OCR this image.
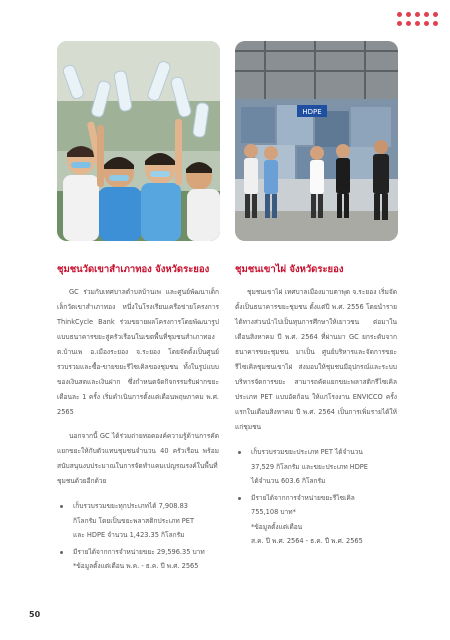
HDPE
ชุมชนวัดเขาสำเภาทอง จังหวัดระยอง

GC ร่วมกับเทศบาลตำบลบ้านเพ และศูนย์พัฒนาเด็กเล็กวัดเขาสำเภาทอง หนึ่งในโรงเรียนเครือข่ายโครงการ ThinkCycle Bank ร่วมขยายผลโครงการโดยพัฒนารูปแบบธนาคารขยะสู่ครัวเรือนในเขตพื้นที่ชุมชนสำเภาทอง ต.บ้านเพ อ.เมืองระยอง จ.ระยอง โดยจัดตั้งเป็นศูนย์รวบรวมและซื้อ-ขายขยะรีไซเคิลของชุมชน ทั้งในรูปแบบของเงินสดและเงินฝาก ซึ่งกำหนดจัดกิจกรรมรับฝากขยะเดือนละ 1 ครั้ง เริ่มดำเนินการตั้งแต่เดือนพฤษภาคม พ.ศ. 2565

นอกจากนี้ GC ได้ร่วมถ่ายทอดองค์ความรู้ด้านการคัดแยกขยะให้กับตัวแทนชุมชนจำนวน 40 ครัวเรือน พร้อมสนับสนุนงบประมาณในการจัดทำแคมเปญรณรงค์ในพื้นที่ชุมชนด้วยอีกด้วย

เก็บรวบรวมขยะทุกประเภทได้ 7,908.83
กิโลกรัม โดยเป็นขยะพลาสติกประเภท PET
และ HDPE จำนวน 1,423.35 กิโลกรัม
มีรายได้จากการจำหน่ายขยะ 29,596.35 บาท
*ข้อมูลตั้งแต่เดือน พ.ค. - ธ.ค. ปี พ.ศ. 2565
ชุมชนเขาไผ่ จังหวัดระยอง

ชุมชนเขาไผ่ เทศบาลเมืองมาบตาพุด จ.ระยอง เริ่มจัดตั้งเป็นธนาคารขยะชุมชน ตั้งแต่ปี พ.ศ. 2556 โดยนำรายได้ทางส่วนนำไปเป็นทุนการศึกษาให้เยาวชน ต่อมาในเดือนสิงหาคม ปี พ.ศ. 2564 ที่ผ่านมา GC ยกระดับจากธนาคารขยะชุมชน มาเป็น ศูนย์บริหารและจัดการขยะรีไซเคิลชุมชนเขาไผ่ ส่งมอบให้ชุมชนมีอุปกรณ์และระบบบริหารจัดการขยะ สามารถคัดแยกขยะพลาสติกรีไซเคิลประเภท PET แบบอัดก้อน ให้แก่โรงงาน ENVICCO ครั้งแรกในเดือนสิงหาคม ปี พ.ศ. 2564 เป็นการเพิ่มรายได้ให้แก่ชุมชน

เก็บรวบรวมขยะประเภท PET ได้จำนวน
37,529 กิโลกรัม และขยะประเภท HDPE
ได้จำนวน 603.6 กิโลกรัม
มีรายได้จากการจำหน่ายขยะรีไซเคิล
755,108 บาท*
*ข้อมูลตั้งแต่เดือน
ส.ค. ปี พ.ศ. 2564 - ธ.ค. ปี พ.ศ. 2565
50
